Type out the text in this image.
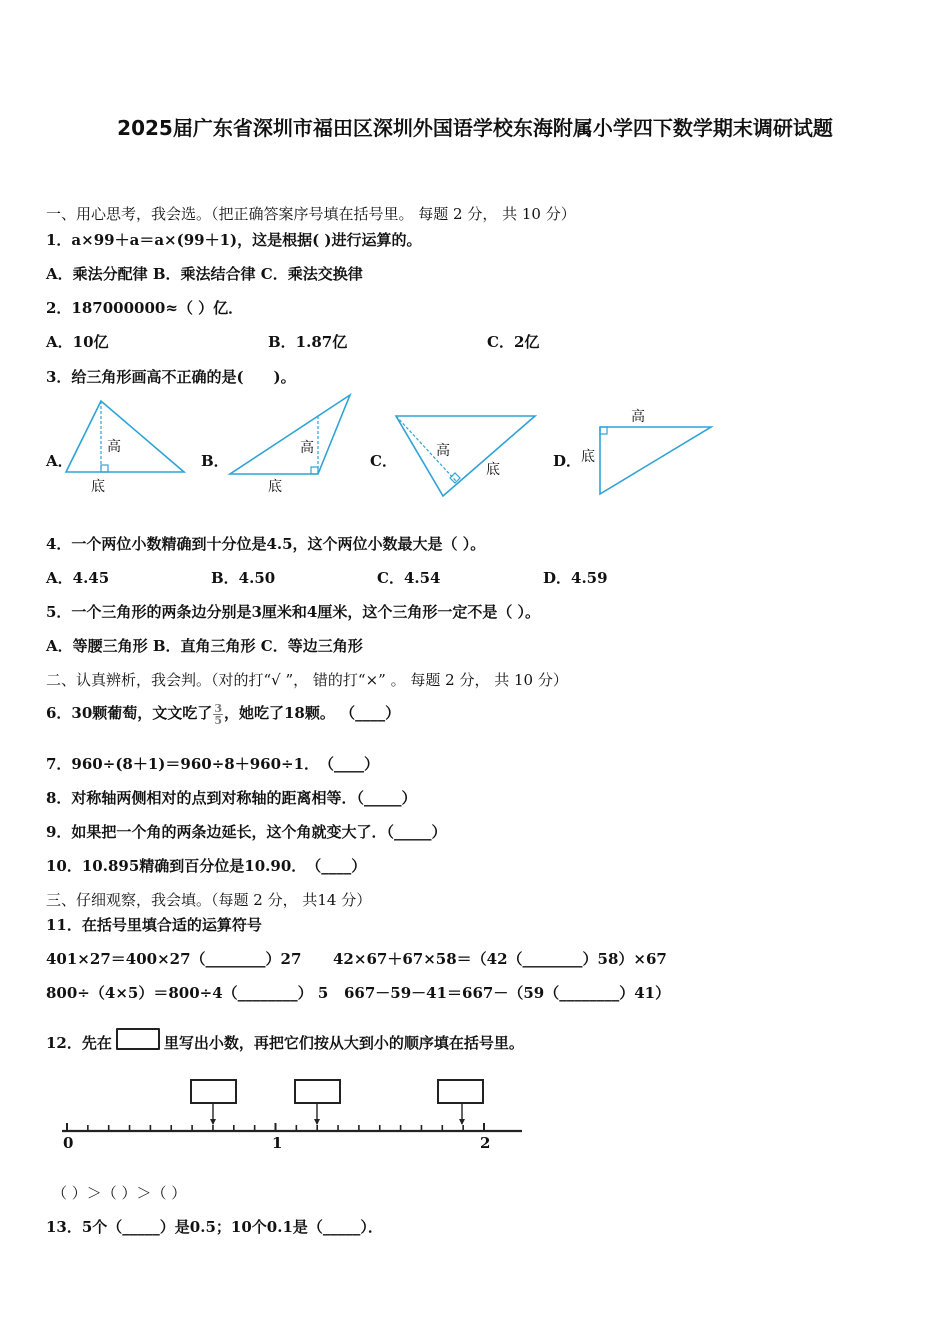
2025届广东省深圳市福田区深圳外国语学校东海附属小学四下数学期末调研试题
一、用心思考，我会选。（把正确答案序号填在括号里。 每题 2 分， 共 10 分）
1．a×99＋a＝a×(99＋1)，这是根据( )进行运算的。
A．乘法分配律 B．乘法结合律 C．乘法交换律
2．187000000≈（ ）亿．
A．10亿	B．1.87亿	C．2亿
3．给三角形画高不正确的是(　　)。
A．	B．	C．	D．
高
底
高
底
高
底
高
底
4．一个两位小数精确到十分位是4.5，这个两位小数最大是（ ）。
A．4.45	B．4.50	C．4.54	D．4.59
5．一个三角形的两条边分别是3厘米和4厘米，这个三角形一定不是（ ）。
A．等腰三角形 B．直角三角形 C．等边三角形
二、认真辨析，我会判。（对的打“√ ”， 错的打“×” 。 每题 2 分， 共 10 分）
6．30颗葡萄，文文吃了 $\frac{3}{5}$ ，她吃了18颗。 （____）
7．960÷(8＋1)＝960÷8＋960÷1．　（____）
8．对称轴两侧相对的点到对称轴的距离相等．（_____）
9．如果把一个角的两条边延长，这个角就变大了．（_____）
10．10.895精确到百分位是10.90．　（____）
三、仔细观察，我会填。（每题 2 分， 共14 分）
11．在括号里填合适的运算符号
401×27＝400×27（________）27 42×67＋67×58＝（42（________）58）×67
800÷（4×5）＝800÷4（________） 5 667－59－41＝667－（59（________）41）
12．先在	里写出小数，再把它们按从大到小的顺序填在括号里。
0	1	2
（ ）＞（ ）＞（ ）
13．5个（_____）是0.5；10个0.1是（_____）．
